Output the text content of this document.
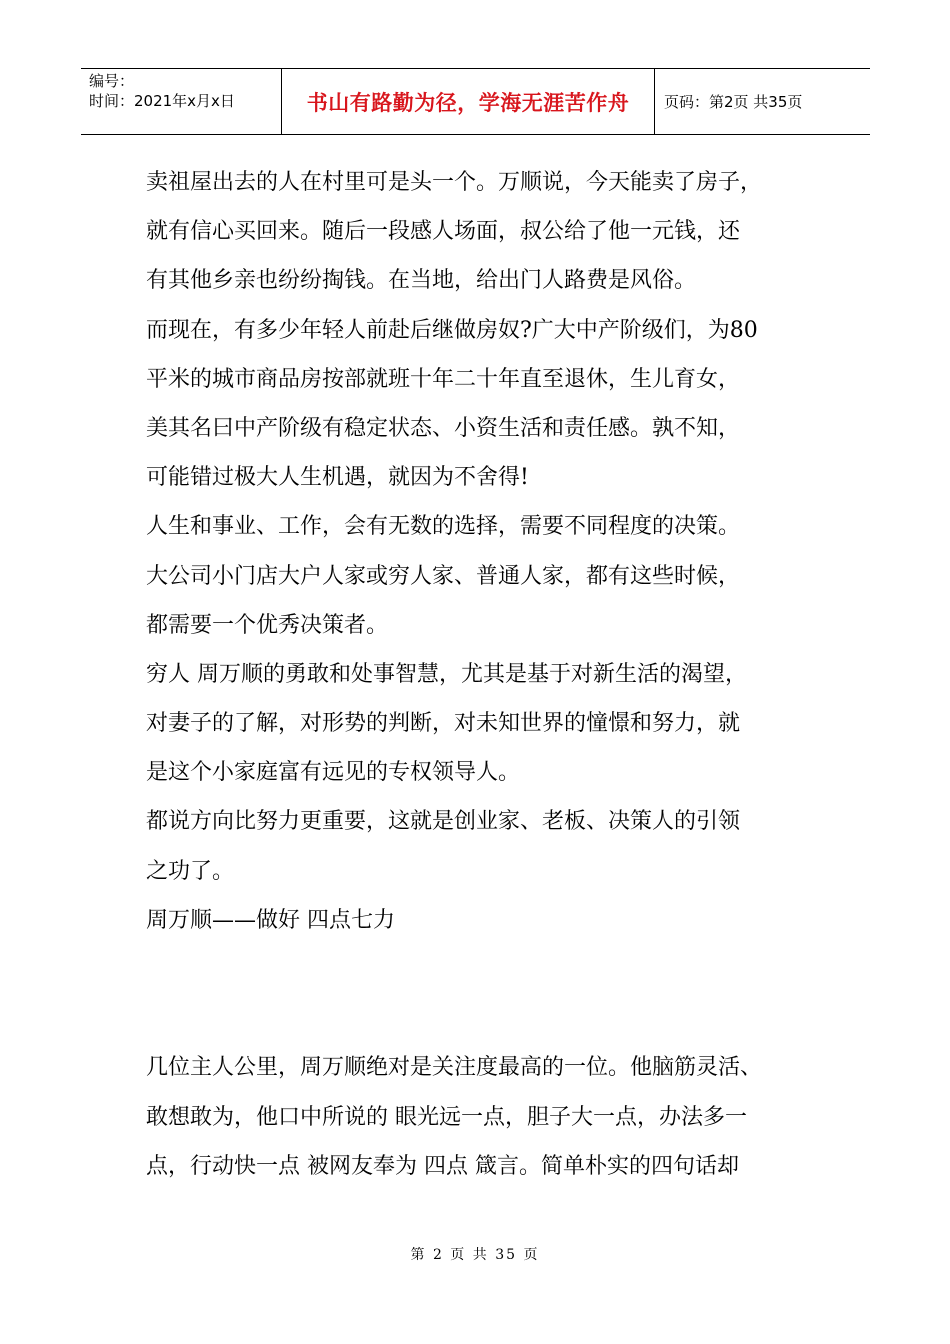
编号：
时间：2021年x月x日	书山有路勤为径，学海无涯苦作舟 页码：第2页 共35页
卖祖屋出去的人在村里可是头一个。万顺说，今天能卖了房子，
就有信心买回来。随后一段感人场面，叔公给了他一元钱，还
有其他乡亲也纷纷掏钱。在当地，给出门人路费是风俗。
而现在，有多少年轻人前赴后继做房奴?广大中产阶级们，为80
平米的城市商品房按部就班十年二十年直至退休，生儿育女，
美其名曰中产阶级有稳定状态、小资生活和责任感。孰不知，
可能错过极大人生机遇，就因为不舍得!
人生和事业、工作，会有无数的选择，需要不同程度的决策。
大公司小门店大户人家或穷人家、普通人家，都有这些时候，
都需要一个优秀决策者。
穷人 周万顺的勇敢和处事智慧，尤其是基于对新生活的渴望，
对妻子的了解，对形势的判断，对未知世界的憧憬和努力，就
是这个小家庭富有远见的专权领导人。
都说方向比努力更重要，这就是创业家、老板、决策人的引领
之功了。
周万顺——做好 四点七力
几位主人公里，周万顺绝对是关注度最高的一位。他脑筋灵活、
敢想敢为，他口中所说的 眼光远一点，胆子大一点，办法多一
点，行动快一点 被网友奉为 四点 箴言。简单朴实的四句话却
第 2 页 共 35 页
